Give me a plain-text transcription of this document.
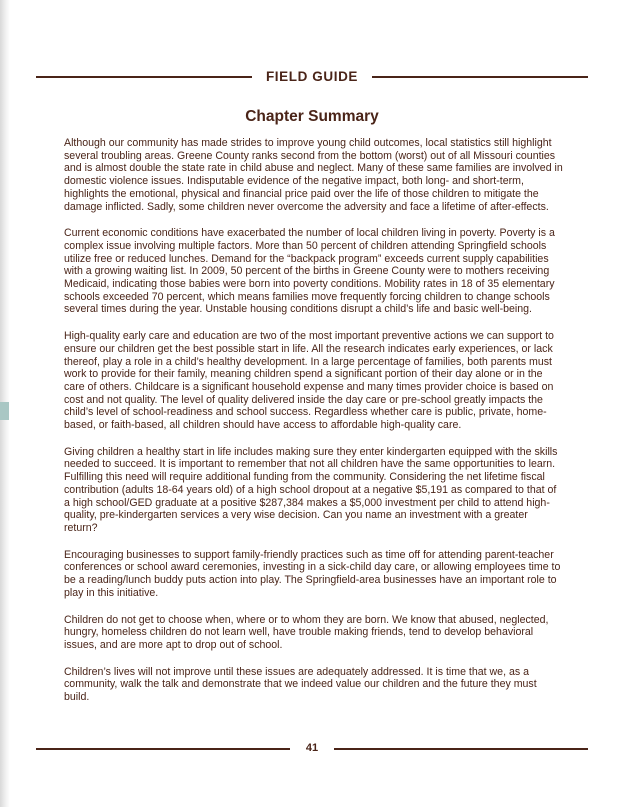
FIELD GUIDE
Chapter Summary

Although our community has made strides to improve young child outcomes, local statistics still highlight several troubling areas. Greene County ranks second from the bottom (worst) out of all Missouri counties and is almost double the state rate in child abuse and neglect. Many of these same families are involved in domestic violence issues. Indisputable evidence of the negative impact, both long- and short-term, highlights the emotional, physical and financial price paid over the life of those children to mitigate the damage inflicted. Sadly, some children never overcome the adversity and face a lifetime of after-effects.

Current economic conditions have exacerbated the number of local children living in poverty. Poverty is a complex issue involving multiple factors. More than 50 percent of children attending Springfield schools utilize free or reduced lunches. Demand for the “backpack program” exceeds current supply capabilities with a growing waiting list. In 2009, 50 percent of the births in Greene County were to mothers receiving Medicaid, indicating those babies were born into poverty conditions. Mobility rates in 18 of 35 elementary schools exceeded 70 percent, which means families move frequently forcing children to change schools several times during the year. Unstable housing conditions disrupt a child’s life and basic well-being.

High-quality early care and education are two of the most important preventive actions we can support to ensure our children get the best possible start in life. All the research indicates early experiences, or lack thereof, play a role in a child’s healthy development. In a large percentage of families, both parents must work to provide for their family, meaning children spend a significant portion of their day alone or in the care of others. Childcare is a significant household expense and many times provider choice is based on cost and not quality. The level of quality delivered inside the day care or pre-school greatly impacts the child’s level of school-readiness and school success. Regardless whether care is public, private, home-based, or faith-based, all children should have access to affordable high-quality care.

Giving children a healthy start in life includes making sure they enter kindergarten equipped with the skills needed to succeed. It is important to remember that not all children have the same opportunities to learn. Fulfilling this need will require additional funding from the community. Considering the net lifetime fiscal contribution (adults 18-64 years old) of a high school dropout at a negative $5,191 as compared to that of a high school/GED graduate at a positive $287,384 makes a $5,000 investment per child to attend high-quality, pre-kindergarten services a very wise decision. Can you name an investment with a greater return?

Encouraging businesses to support family-friendly practices such as time off for attending parent-teacher conferences or school award ceremonies, investing in a sick-child day care, or allowing employees time to be a reading/lunch buddy puts action into play. The Springfield-area businesses have an important role to play in this initiative.

Children do not get to choose when, where or to whom they are born. We know that abused, neglected, hungry, homeless children do not learn well, have trouble making friends, tend to develop behavioral issues, and are more apt to drop out of school.

Children’s lives will not improve until these issues are adequately addressed. It is time that we, as a community, walk the talk and demonstrate that we indeed value our children and the future they must build.

41
